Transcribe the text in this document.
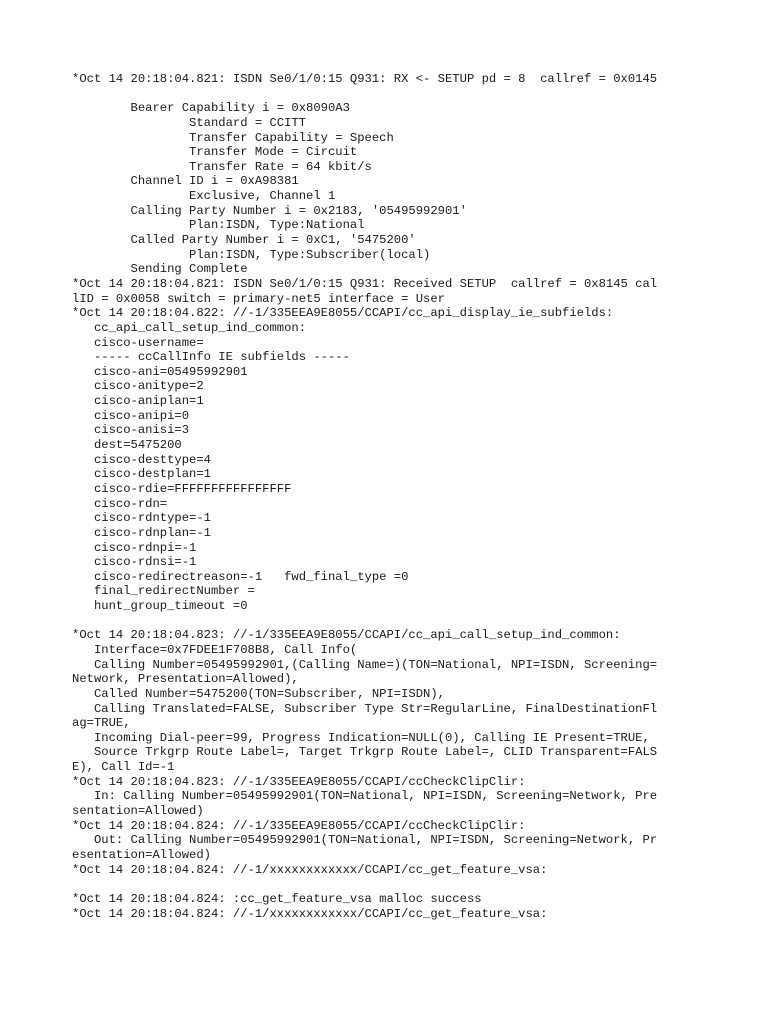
*Oct 14 20:18:04.821: ISDN Se0/1/0:15 Q931: RX <- SETUP pd = 8  callref = 0x0145
Bearer Capability i = 0x8090A3
Standard = CCITT
Transfer Capability = Speech
Transfer Mode = Circuit
Transfer Rate = 64 kbit/s
Channel ID i = 0xA98381
Exclusive, Channel 1
Calling Party Number i = 0x2183, '05495992901'
Plan:ISDN, Type:National
Called Party Number i = 0xC1, '5475200'
Plan:ISDN, Type:Subscriber(local)
Sending Complete
*Oct 14 20:18:04.821: ISDN Se0/1/0:15 Q931: Received SETUP  callref = 0x8145 cal
lID = 0x0058 switch = primary-net5 interface = User
*Oct 14 20:18:04.822: //-1/335EEA9E8055/CCAPI/cc_api_display_ie_subfields:
cc_api_call_setup_ind_common:
cisco-username=
----- ccCallInfo IE subfields -----
cisco-ani=05495992901
cisco-anitype=2
cisco-aniplan=1
cisco-anipi=0
cisco-anisi=3
dest=5475200
cisco-desttype=4
cisco-destplan=1
cisco-rdie=FFFFFFFFFFFFFFFF
cisco-rdn=
cisco-rdntype=-1
cisco-rdnplan=-1
cisco-rdnpi=-1
cisco-rdnsi=-1
cisco-redirectreason=-1   fwd_final_type =0
final_redirectNumber =
hunt_group_timeout =0
*Oct 14 20:18:04.823: //-1/335EEA9E8055/CCAPI/cc_api_call_setup_ind_common:
Interface=0x7FDEE1F708B8, Call Info(
Calling Number=05495992901,(Calling Name=)(TON=National, NPI=ISDN, Screening=
Network, Presentation=Allowed),
Called Number=5475200(TON=Subscriber, NPI=ISDN),
Calling Translated=FALSE, Subscriber Type Str=RegularLine, FinalDestinationFl
ag=TRUE,
Incoming Dial-peer=99, Progress Indication=NULL(0), Calling IE Present=TRUE,
Source Trkgrp Route Label=, Target Trkgrp Route Label=, CLID Transparent=FALS
E), Call Id=-1
*Oct 14 20:18:04.823: //-1/335EEA9E8055/CCAPI/ccCheckClipClir:
In: Calling Number=05495992901(TON=National, NPI=ISDN, Screening=Network, Pre
sentation=Allowed)
*Oct 14 20:18:04.824: //-1/335EEA9E8055/CCAPI/ccCheckClipClir:
Out: Calling Number=05495992901(TON=National, NPI=ISDN, Screening=Network, Pr
esentation=Allowed)
*Oct 14 20:18:04.824: //-1/xxxxxxxxxxxx/CCAPI/cc_get_feature_vsa:
*Oct 14 20:18:04.824: :cc_get_feature_vsa malloc success
*Oct 14 20:18:04.824: //-1/xxxxxxxxxxxx/CCAPI/cc_get_feature_vsa:
